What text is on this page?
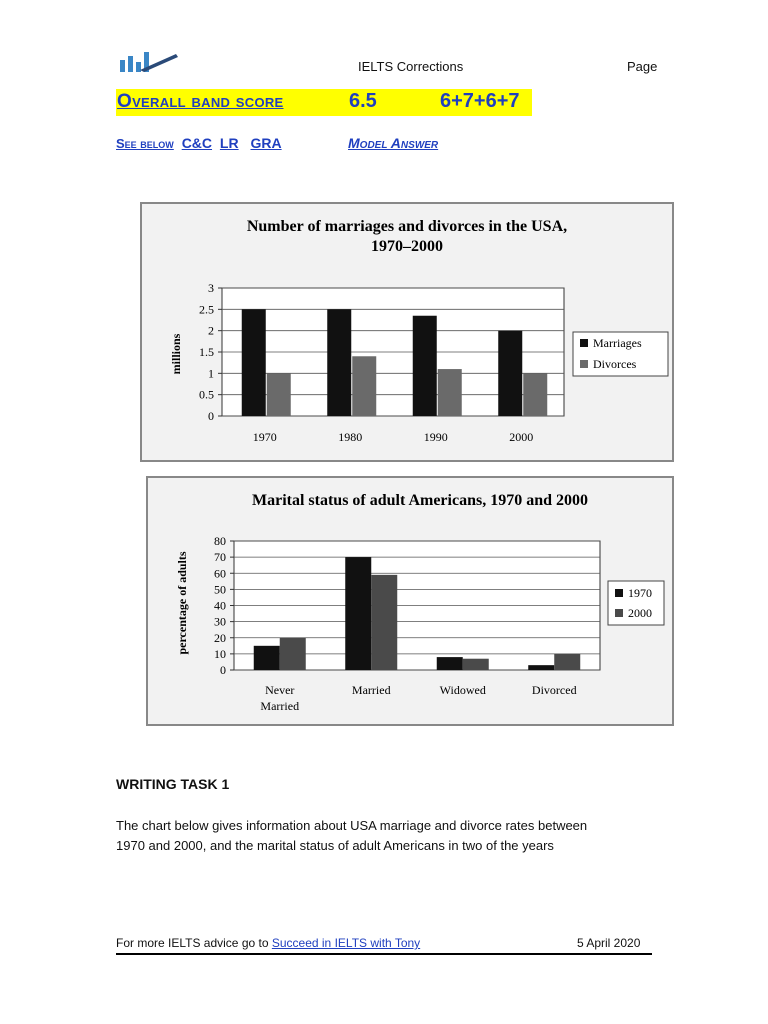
IELTS Corrections	Page
Overall band score	6.5	6+7+6+7
See below C&C LR GRA	Model Answer
Number of marriages and divorces in the USA,
1970–2000
millions
0
0.5
1
1.5
2
2.5
3
1970	1980	1990	2000
Marriages
Divorces
Marital status of adult Americans, 1970 and 2000
percentage of adults
0
10
20
30
40
50
60
70
80
Never
Married
Married	Widowed	Divorced
1970
2000
WRITING TASK 1
The chart below gives information about USA marriage and divorce rates between
1970 and 2000, and the marital status of adult Americans in two of the years
For more IELTS advice go to Succeed in IELTS with Tony	5 April 2020
